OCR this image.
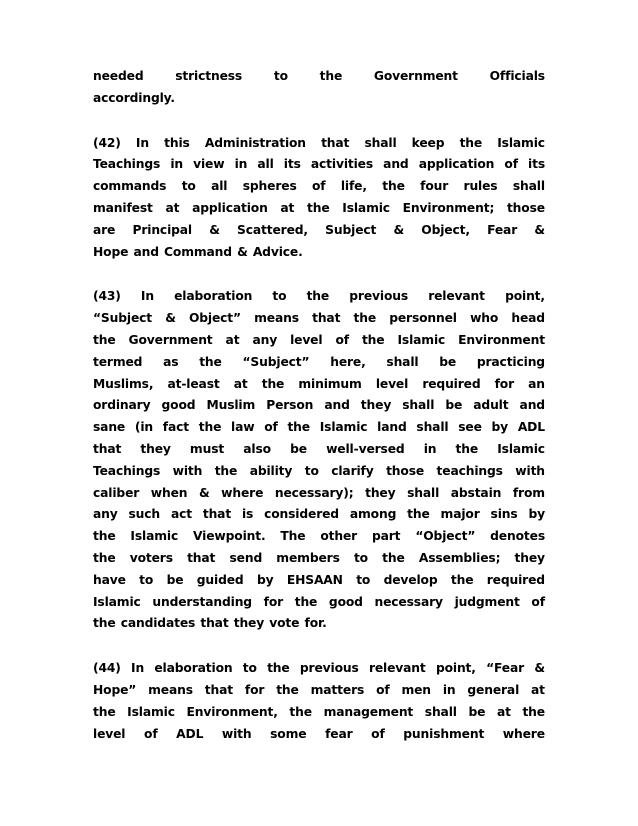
needed	strictness	to	the	Government	Officials
accordingly.
(42) In this Administration that shall keep the Islamic
Teachings in view in all its activities and application of its
commands to all spheres of life, the four rules shall
manifest at application at the Islamic Environment; those
are Principal & Scattered, Subject & Object, Fear &
Hope and Command & Advice.
(43) In elaboration to the previous relevant point,
“Subject & Object” means that the personnel who head
the Government at any level of the Islamic Environment
termed as the “Subject” here, shall be practicing
Muslims, at-least at the minimum level required for an
ordinary good Muslim Person and they shall be adult and
sane (in fact the law of the Islamic land shall see by ADL
that they must also be well-versed in the Islamic
Teachings with the ability to clarify those teachings with
caliber when & where necessary); they shall abstain from
any such act that is considered among the major sins by
the Islamic Viewpoint. The other part “Object” denotes
the voters that send members to the Assemblies; they
have to be guided by EHSAAN to develop the required
Islamic understanding for the good necessary judgment of
the candidates that they vote for.
(44) In elaboration to the previous relevant point, “Fear &
Hope” means that for the matters of men in general at
the Islamic Environment, the management shall be at the
level of ADL with some fear of punishment where
